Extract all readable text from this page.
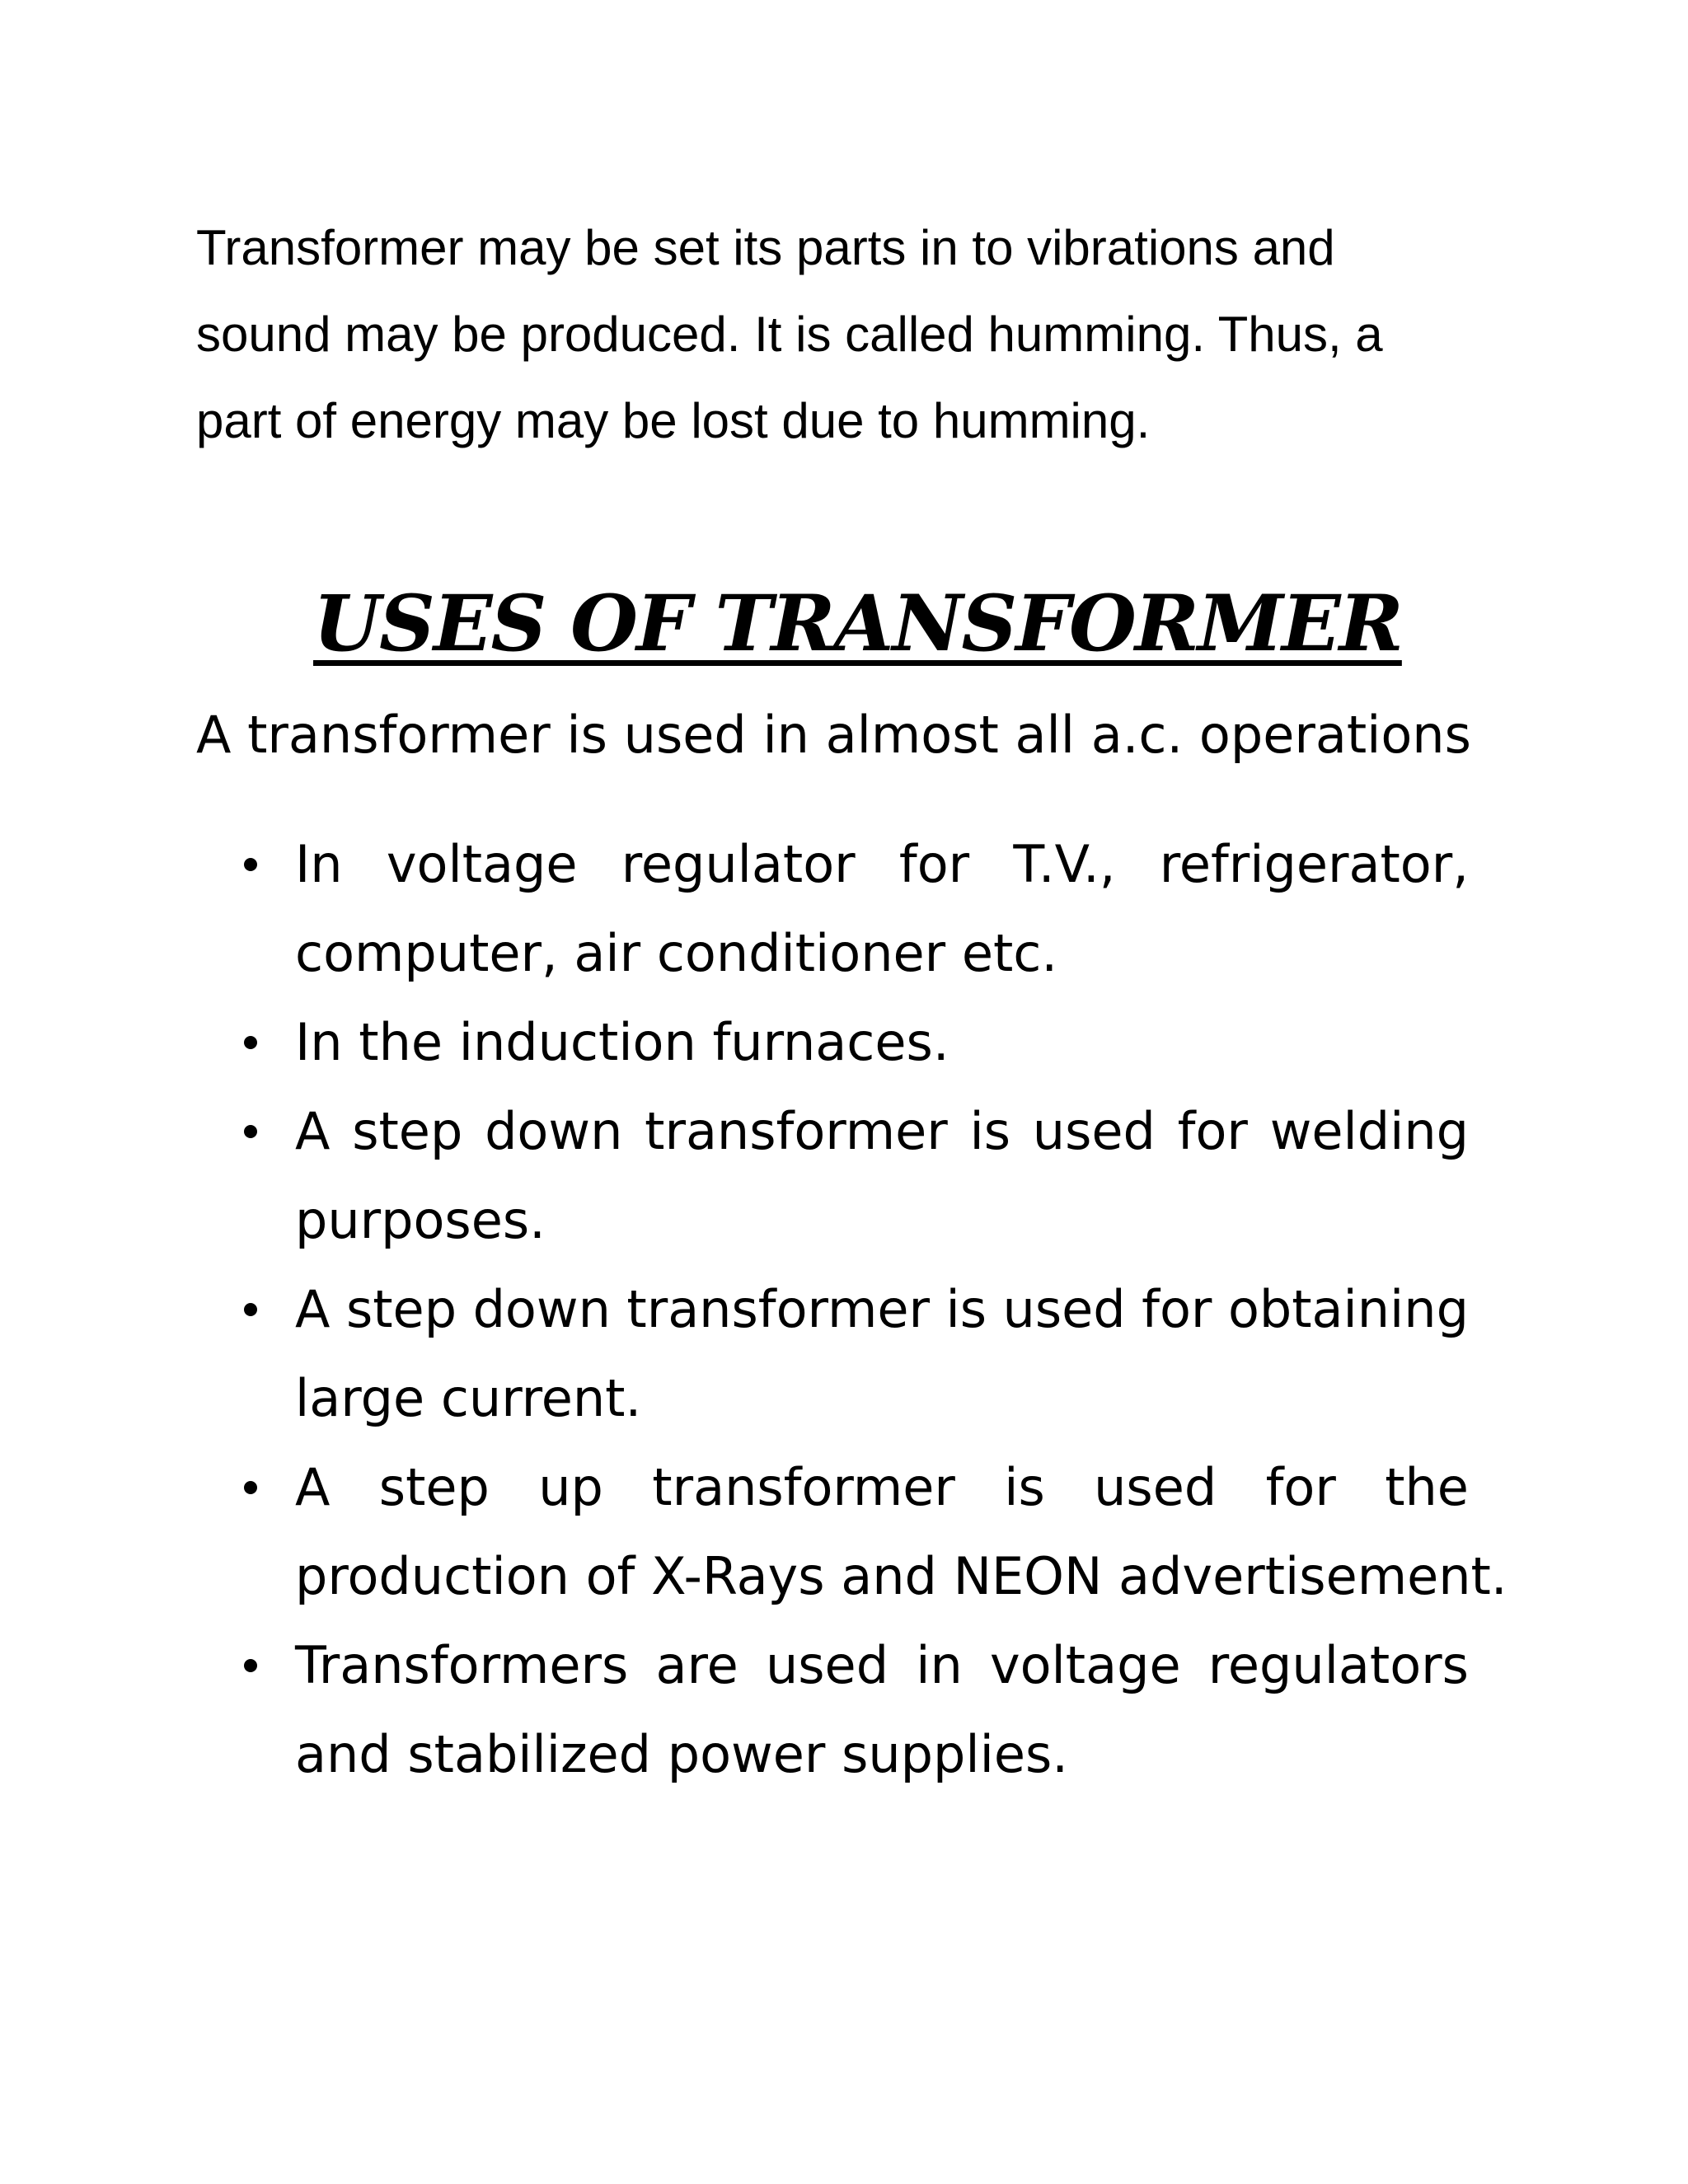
Transformer may be set its parts in to vibrations and
sound may be produced. It is called humming. Thus, a
part of energy may be lost due to humming.

USES OF TRANSFORMER

A transformer is used in almost all a.c. operations

In voltage regulator for T.V., refrigerator,
computer, air conditioner etc.
In the induction furnaces.
A step down transformer is used for welding
purposes.
A step down transformer is used for obtaining
large current.
A step up transformer is used for the
production of X-Rays and NEON advertisement.
Transformers are used in voltage regulators
and stabilized power supplies.
